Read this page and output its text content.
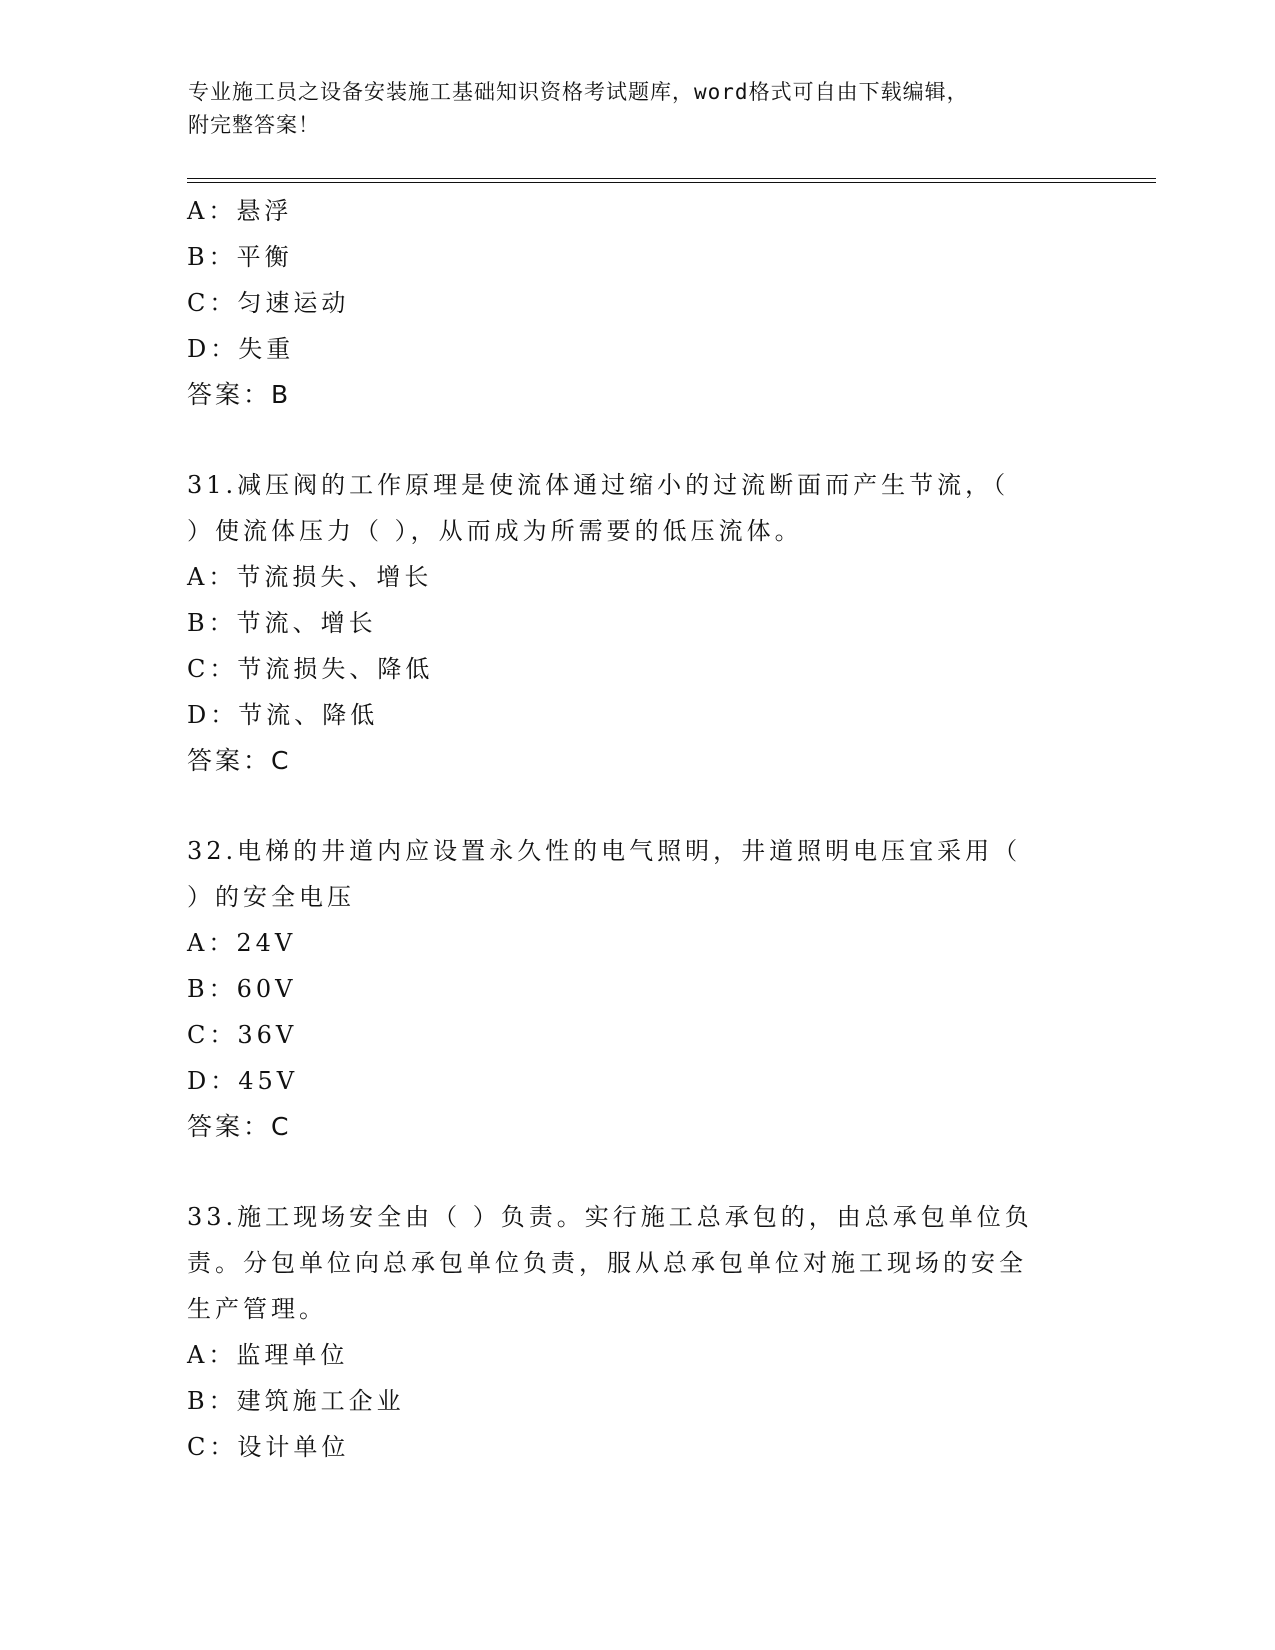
专业施工员之设备安装施工基础知识资格考试题库，word格式可自由下载编辑，
附完整答案！
A：悬浮
B：平衡
C：匀速运动
D：失重
答案：B
31.减压阀的工作原理是使流体通过缩小的过流断面而产生节流，（
）使流体压力（ ），从而成为所需要的低压流体。
A：节流损失、增长
B：节流、增长
C：节流损失、降低
D：节流、降低
答案：C
32.电梯的井道内应设置永久性的电气照明，井道照明电压宜采用（
）的安全电压
A：24V
B：60V
C：36V
D：45V
答案：C
33.施工现场安全由（ ）负责。实行施工总承包的，由总承包单位负
责。分包单位向总承包单位负责，服从总承包单位对施工现场的安全
生产管理。
A：监理单位
B：建筑施工企业
C：设计单位
